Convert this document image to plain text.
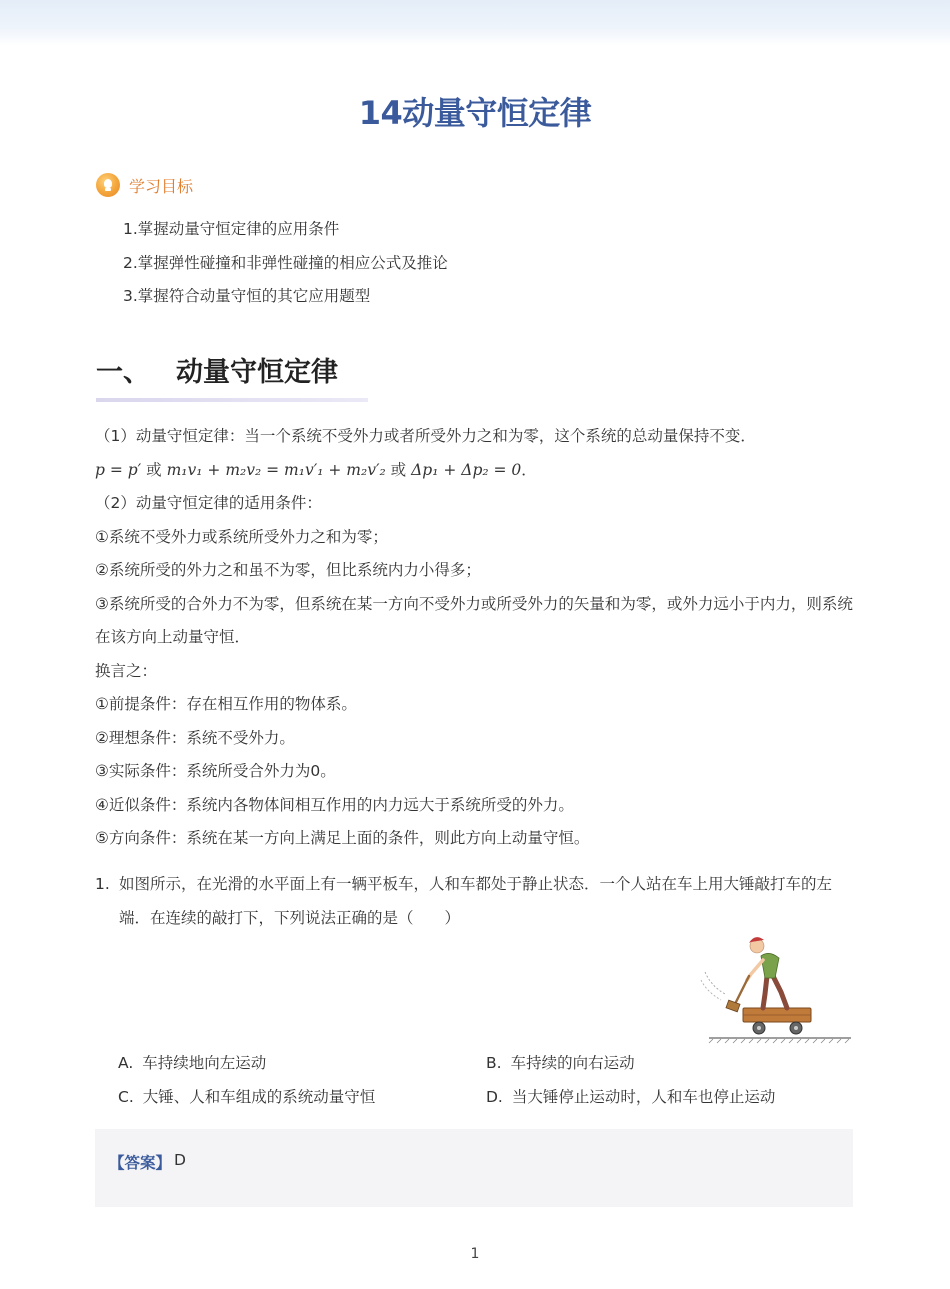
14动量守恒定律
学习目标
1.掌握动量守恒定律的应用条件
2.掌握弹性碰撞和非弹性碰撞的相应公式及推论
3.掌握符合动量守恒的其它应用题型
一、 动量守恒定律

（1）动量守恒定律：当一个系统不受外力或者所受外力之和为零，这个系统的总动量保持不变．

p = p′ 或 m₁v₁ + m₂v₂ = m₁v′₁ + m₂v′₂ 或 Δp₁ + Δp₂ = 0．

（2）动量守恒定律的适用条件：

①系统不受外力或系统所受外力之和为零；

②系统所受的外力之和虽不为零，但比系统内力小得多；

③系统所受的合外力不为零，但系统在某一方向不受外力或所受外力的矢量和为零，或外力远小于内力，则系统在该方向上动量守恒．

换言之：

①前提条件：存在相互作用的物体系。

②理想条件：系统不受外力。

③实际条件：系统所受合外力为0。

④近似条件：系统内各物体间相互作用的内力远大于系统所受的外力。

⑤方向条件：系统在某一方向上满足上面的条件，则此方向上动量守恒。

1. 如图所示，在光滑的水平面上有一辆平板车，人和车都处于静止状态．一个人站在车上用大锤敲打车的左端．在连续的敲打下，下列说法正确的是（　　）

A. 车持续地向左运动	B. 车持续的向右运动
C. 大锤、人和车组成的系统动量守恒	D. 当大锤停止运动时，人和车也停止运动
【答案】 D
1
